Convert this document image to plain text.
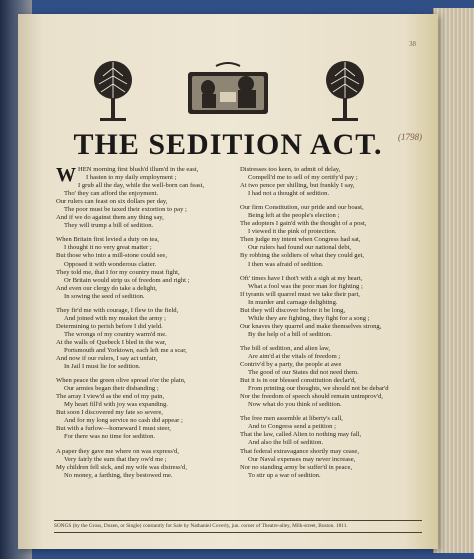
38
(1798)
THE SEDITION ACT.
W HEN morning first blush'd illum'd in the east,
I hasten to my daily employment ;
I grub all the day, while the well-born can feast,
Tho' they can afford the enjoyment.
Our rulers can feast on six dollars per day,
The poor must be taxed their extortion to pay ;
And if we do against them any thing say,
They will trump a bill of sedition.
When Britain first levied a duty on tea,
I thought it no very great matter ;
But those who into a mill-stone could see,
Opposed it with wonderous clatter.
They told me, that I for my country must fight,
Or Britain would strip us of freedom and right ;
And even our clergy do take a delight,
In sowing the seed of sedition.
They fir'd me with courage, I flew to the field,
And joined with my musket the army ;
Determining to perish before I did yield.
The wrongs of my country warm'd me.
At the walls of Quebeck I bled in the war,
Portsmouth and Yorktown, each left me a scar,
And now if our rulers, I say act unfair,
In Jail I must lie for sedition.
When peace the green olive spread o'er the plain,
Our armies began their disbanding ;
The array I view'd as the end of my pain,
My heart fill'd with joy was expanding.
But soon I discovered my fate so severe,
And for my long service no cash did appear ;
But with a furlow—homeward I must steer,
For there was no time for sedition.
A paper they gave me where on was express'd,
Very fairly the sum that they ow'd me ;
My children fell sick, and my wife was distress'd,
No money, a farthing, they bestowed me.
Distresses too keen, to admit of delay,
Compell'd me to sell of my certify'd pay ;
At two pence per shilling, but frankly I say,
I had not a thought of sedition.
Our firm Constitution, our pride and our boast,
Being left at the people's election ;
The adopters I gain'd with the thought of a post,
I viewed it the pink of protection.
Then judge my intent when Congress had sat,
Our rulers had found our national debt,
By robbing the soldiers of what they could get,
I then was afraid of sedition.
Oft' times have I thot't with a sigh at my heart,
What a fool was the poor man for fighting ;
If tyrants will quarrel must we take their part,
In murder and carnage delighting.
But they will discover before it be long,
While they are fighting, they fight for a song ;
Our knaves they quarrel and make themselves strong,
By the help of a bill of sedition.
The bill of sedition, and alien law,
Are aim'd at the vitals of freedom ;
Contriv'd by a party, the people at awe
The good of our States did not need them.
But it is in our blessed constitution declar'd,
From printing our thoughts, we should not be debar'd
Nor the freedom of speech should remain unimprov'd,
Now what do you think of sedition.
The free men assemble at liberty's call,
And to Congress send a petition ;
That the law, called Alien to nothing may fall,
And also the bill of sedition.
That federal extravagance shortly may cease,
Our Naval expenses may never increase,
Nor no standing army be suffer'd in peace,
To stir up a war of sedition.
SONGS (by the Gross, Dozen, or Single) constantly for Sale by Nathaniel Coverly, jun. corner of Theatre-alley, Milk-street, Boston. 1811.
